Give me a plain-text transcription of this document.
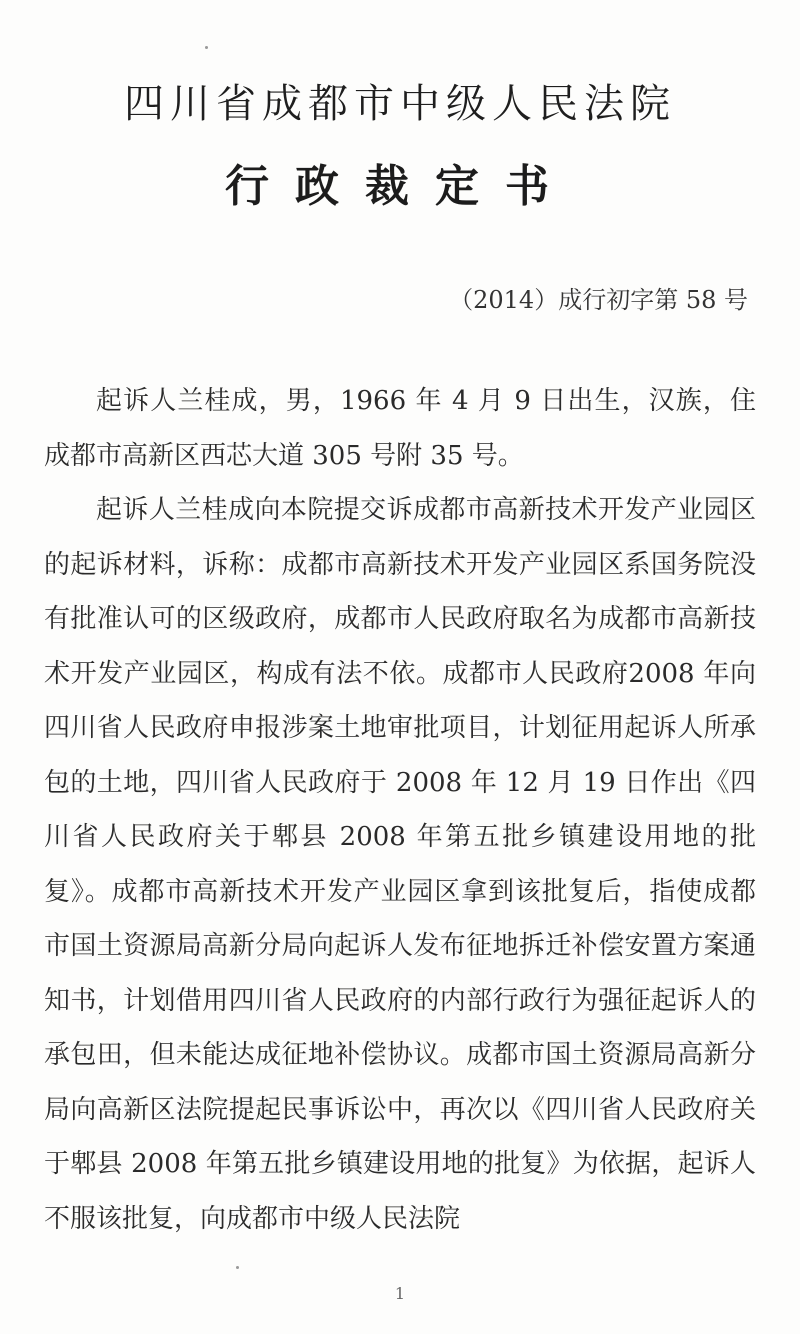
四川省成都市中级人民法院
行政裁定书
（2014）成行初字第 58 号

起诉人兰桂成，男，1966 年 4 月 9 日出生，汉族，住成都市高新区西芯大道 305 号附 35 号。

起诉人兰桂成向本院提交诉成都市高新技术开发产业园区的起诉材料，诉称：成都市高新技术开发产业园区系国务院没有批准认可的区级政府，成都市人民政府取名为成都市高新技术开发产业园区，构成有法不依。成都市人民政府2008 年向四川省人民政府申报涉案土地审批项目，计划征用起诉人所承包的土地，四川省人民政府于 2008 年 12 月 19 日作出《四川省人民政府关于郫县 2008 年第五批乡镇建设用地的批复》。成都市高新技术开发产业园区拿到该批复后，指使成都市国土资源局高新分局向起诉人发布征地拆迁补偿安置方案通知书，计划借用四川省人民政府的内部行政行为强征起诉人的承包田，但未能达成征地补偿协议。成都市国土资源局高新分局向高新区法院提起民事诉讼中，再次以《四川省人民政府关于郫县 2008 年第五批乡镇建设用地的批复》为依据，起诉人不服该批复，向成都市中级人民法院

1
